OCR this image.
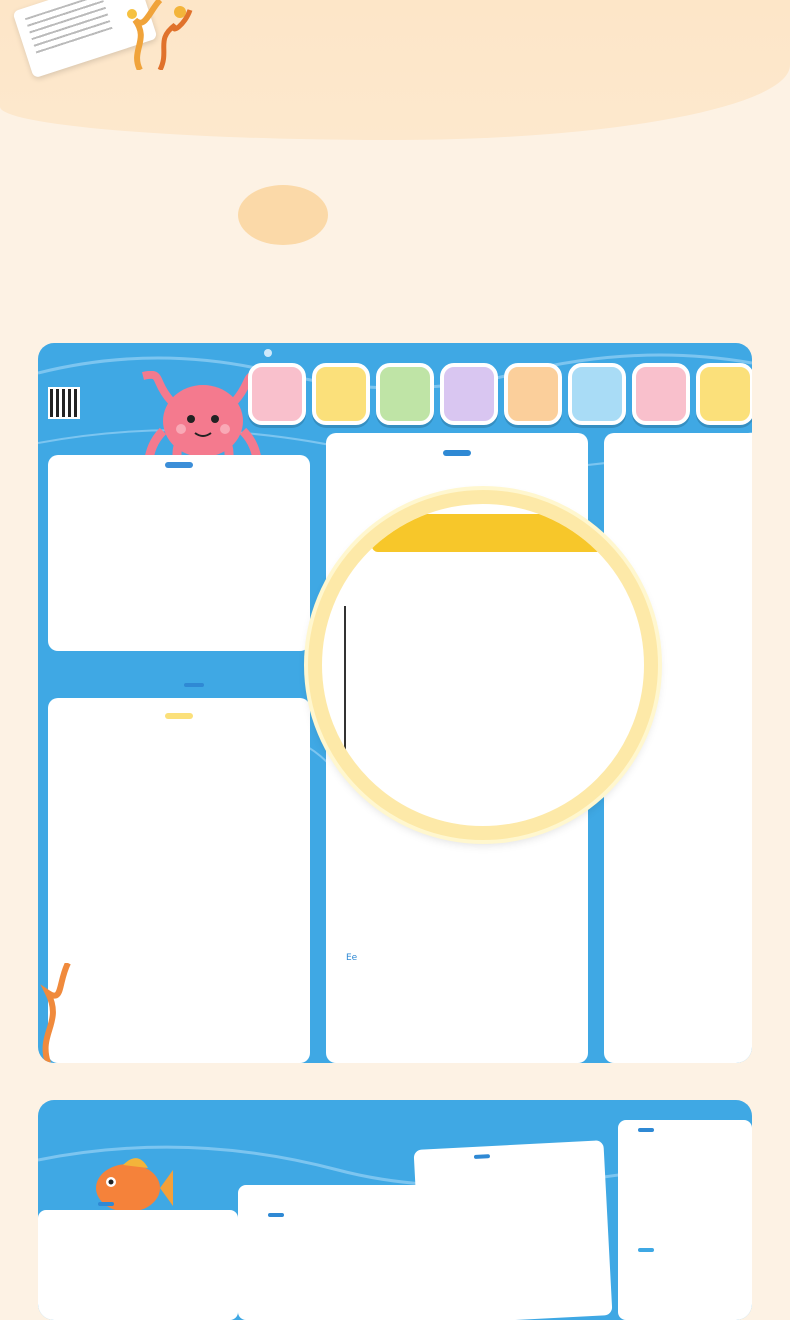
Ee
